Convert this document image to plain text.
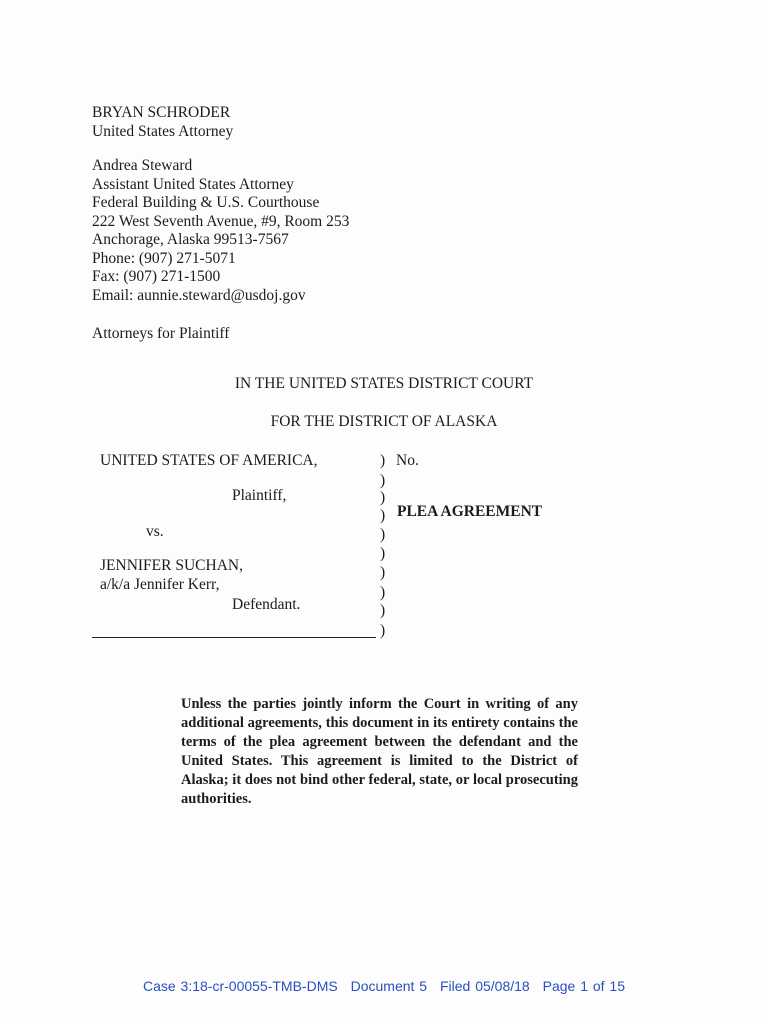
BRYAN SCHRODER
United States Attorney
Andrea Steward
Assistant United States Attorney
Federal Building & U.S. Courthouse
222 West Seventh Avenue, #9, Room 253
Anchorage, Alaska 99513-7567
Phone: (907) 271-5071
Fax: (907) 271-1500
Email: aunnie.steward@usdoj.gov
Attorneys for Plaintiff
IN THE UNITED STATES DISTRICT COURT
FOR THE DISTRICT OF ALASKA
UNITED STATES OF AMERICA,
Plaintiff,
vs.
JENNIFER SUCHAN,
a/k/a Jennifer Kerr,
Defendant.
)
)
)
)
)
)
)
)
)
)
No.
PLEA AGREEMENT
Unless the parties jointly inform the Court in writing of any additional agreements, this document in its entirety contains the terms of the plea agreement between the defendant and the United States. This agreement is limited to the District of Alaska; it does not bind other federal, state, or local prosecuting authorities.
Case 3:18-cr-00055-TMB-DMS Document 5 Filed 05/08/18 Page 1 of 15
